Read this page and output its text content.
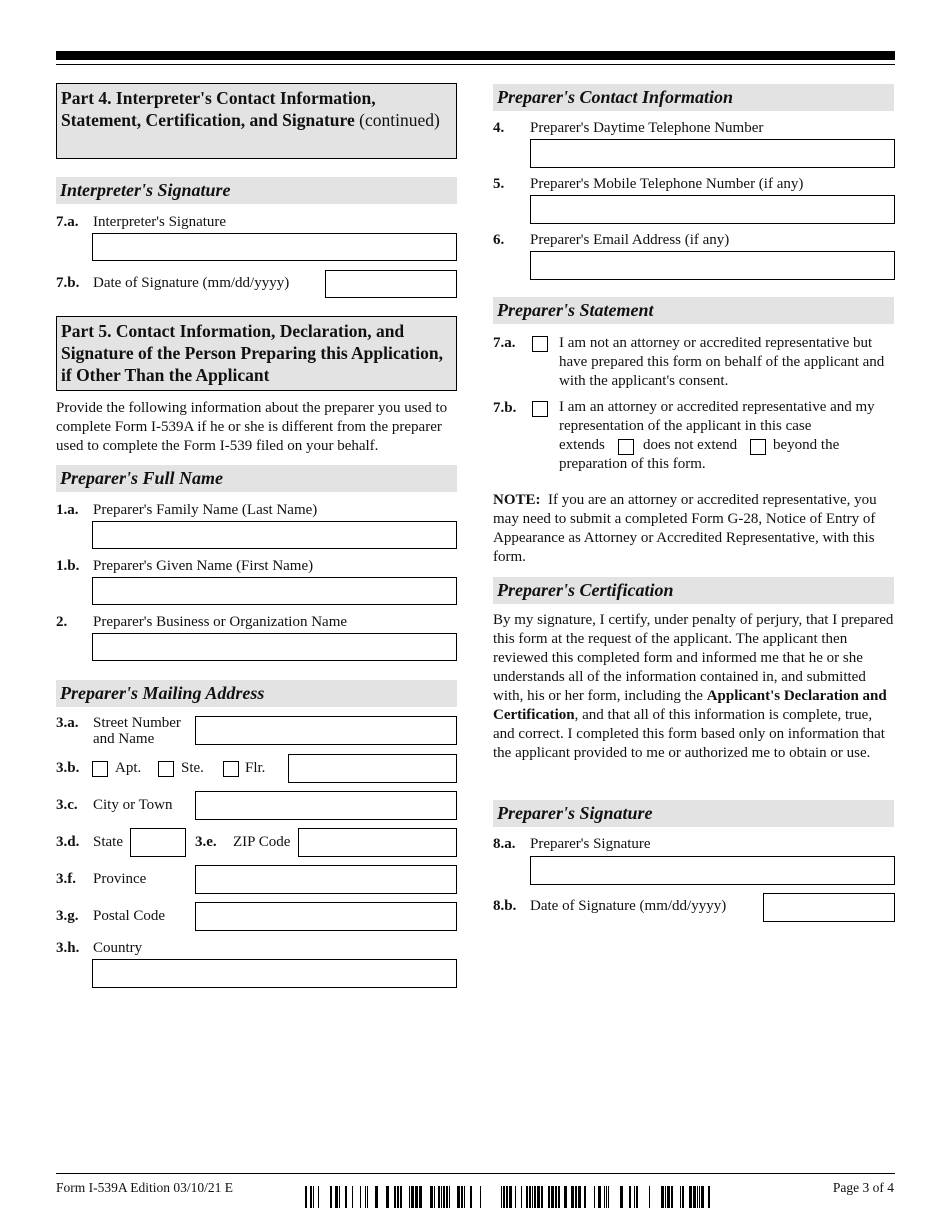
Part 4. Interpreter's Contact Information, Statement, Certification, and Signature (continued)
Interpreter's Signature
7.a. Interpreter's Signature
7.b. Date of Signature (mm/dd/yyyy)
Part 5. Contact Information, Declaration, and Signature of the Person Preparing this Application, if Other Than the Applicant
Provide the following information about the preparer you used to complete Form I-539A if he or she is different from the preparer used to complete the Form I-539 filed on your behalf.
Preparer's Full Name
1.a. Preparer's Family Name (Last Name)
1.b. Preparer's Given Name (First Name)
2. Preparer's Business or Organization Name
Preparer's Mailing Address
3.a. Street Number
and Name
3.b. Apt.	Ste.	Flr.
3.c. City or Town
3.d. State	3.e. ZIP Code
3.f. Province
3.g. Postal Code
3.h. Country
Preparer's Contact Information
4. Preparer's Daytime Telephone Number
5. Preparer's Mobile Telephone Number (if any)
6. Preparer's Email Address (if any)
Preparer's Statement
7.a.	I am not an attorney or accredited representative but have prepared this form on behalf of the applicant and with the applicant's consent.
7.b.	I am an attorney or accredited representative and my
representation of the applicant in this case
extends	does not extend beyond the
preparation of this form.
NOTE: If you are an attorney or accredited representative, you may need to submit a completed Form G-28, Notice of Entry of Appearance as Attorney or Accredited Representative, with this form.
Preparer's Certification
By my signature, I certify, under penalty of perjury, that I prepared this form at the request of the applicant. The applicant then reviewed this completed form and informed me that he or she understands all of the information contained in, and submitted with, his or her form, including the Applicant's Declaration and Certification, and that all of this information is complete, true, and correct. I completed this form based only on information that the applicant provided to me or authorized me to obtain or use.
Preparer's Signature
8.a. Preparer's Signature
8.b. Date of Signature (mm/dd/yyyy)
Form I-539A Edition 03/10/21 E	Page 3 of 4
